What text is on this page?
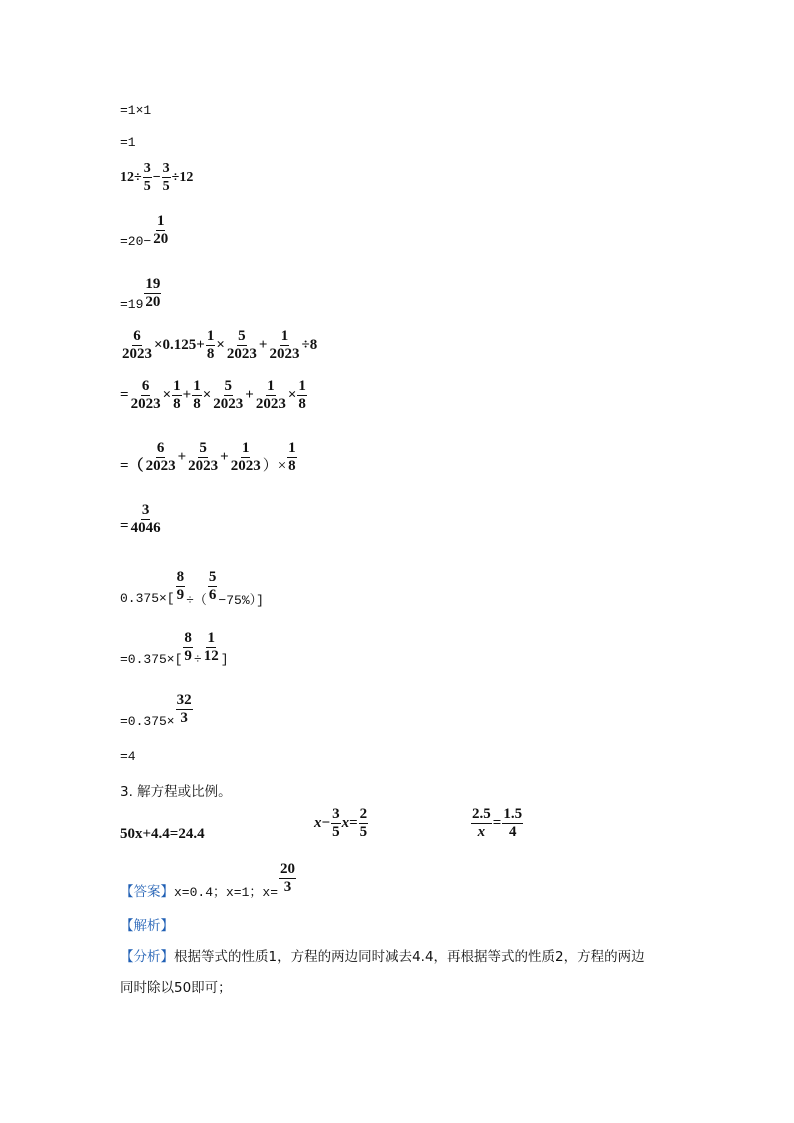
=1×1
=1
$12 \div \frac{3}{5} - \frac{3}{5} \div 12$
$=20- \frac{1}{20}$
$=19 \frac{19}{20}$
$\frac{6}{2023} \times 0.125+ \frac{1}{8} \times \frac{5}{2023} + \frac{1}{2023} \div 8$
= $\frac{6}{2023} \times \frac{1}{8} + \frac{1}{8} \times \frac{5}{2023} + \frac{1}{2023} \times \frac{1}{8}$
=（ $\frac{6}{2023} + \frac{5}{2023} + \frac{1}{2023}$ ）× $\frac{1}{8}$
= $\frac{3}{4046}$
$0.375\times[ \frac{8}{9}$ ÷（ $\frac{5}{6} -75\%$）]
$=0.375\times[ \frac{8}{9} \div \frac{1}{12}$ ]
$=0.375\times \frac{32}{3}$
=4
3. 解方程或比例。
50x+4.4=24.4
$x - \frac{3}{5}$ $x = \frac{2}{5}$	$\frac{2.5}{x} = \frac{1.5}{4}$
【答案】 x=0.4；x=1；$x= \frac{20}{3}$
【解析】
【分析】 根据等式的性质1，方程的两边同时减去4.4，再根据等式的性质2，方程的两边
同时除以50即可；
